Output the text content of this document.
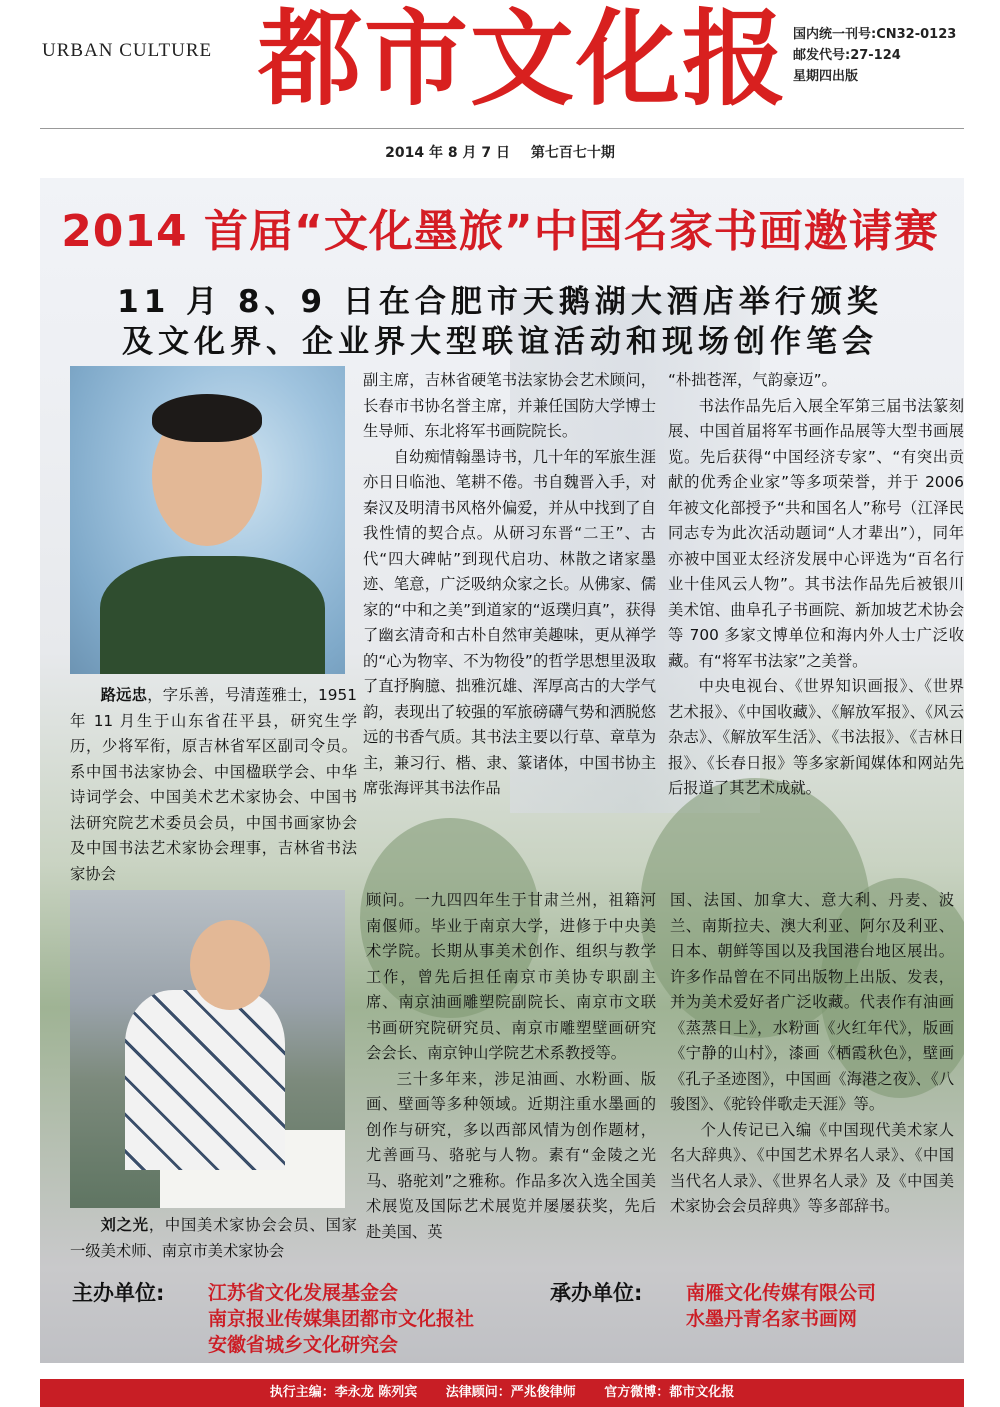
URBAN CULTURE 都市文化报 国内统一刊号:CN32-0123
邮发代号:27-124
星期四出版
2014 年 8 月 7 日 第七百七十期
2014 首届“文化墨旅”中国名家书画邀请赛
11 月 8、9 日在合肥市天鹅湖大酒店举行颁奖
及文化界、企业界大型联谊活动和现场创作笔会

路远忠，字乐善，号清莲雅士，1951 年 11 月生于山东省茌平县，研究生学历，少将军衔，原吉林省军区副司令员。系中国书法家协会、中国楹联学会、中华诗词学会、中国美术艺术家协会、中国书法研究院艺术委员会员，中国书画家协会及中国书法艺术家协会理事，吉林省书法家协会

副主席，吉林省硬笔书法家协会艺术顾问，长春市书协名誉主席，并兼任国防大学博士生导师、东北将军书画院院长。

自幼痴情翰墨诗书，几十年的军旅生涯亦日日临池、笔耕不倦。书自魏晋入手，对秦汉及明清书风格外偏爱，并从中找到了自我性情的契合点。从研习东晋“二王”、古代“四大碑帖”到现代启功、林散之诸家墨迹、笔意，广泛吸纳众家之长。从佛家、儒家的“中和之美”到道家的“返璞归真”，获得了幽玄清奇和古朴自然审美趣味，更从禅学的“心为物宰、不为物役”的哲学思想里汲取了直抒胸臆、拙雅沉雄、浑厚高古的大学气韵，表现出了较强的军旅磅礴气势和洒脱悠远的书香气质。其书法主要以行草、章草为主，兼习行、楷、隶、篆诸体，中国书协主席张海评其书法作品

“朴拙苍浑，气韵豪迈”。

书法作品先后入展全军第三届书法篆刻展、中国首届将军书画作品展等大型书画展览。先后获得“中国经济专家”、“有突出贡献的优秀企业家”等多项荣誉，并于 2006 年被文化部授予“共和国名人”称号（江泽民同志专为此次活动题词“人才辈出”），同年亦被中国亚太经济发展中心评选为“百名行业十佳风云人物”。其书法作品先后被银川美术馆、曲阜孔子书画院、新加坡艺术协会等 700 多家文博单位和海内外人士广泛收藏。有“将军书法家”之美誉。

中央电视台、《世界知识画报》、《世界艺术报》、《中国收藏》、《解放军报》、《风云杂志》、《解放军生活》、《书法报》、《吉林日报》、《长春日报》等多家新闻媒体和网站先后报道了其艺术成就。

刘之光，中国美术家协会会员、国家一级美术师、南京市美术家协会

顾问。一九四四年生于甘肃兰州，祖籍河南偃师。毕业于南京大学，进修于中央美术学院。长期从事美术创作、组织与教学工作，曾先后担任南京市美协专职副主席、南京油画雕塑院副院长、南京市文联书画研究院研究员、南京市雕塑壁画研究会会长、南京钟山学院艺术系教授等。

三十多年来，涉足油画、水粉画、版画、壁画等多种领域。近期注重水墨画的创作与研究，多以西部风情为创作题材，尤善画马、骆驼与人物。素有“金陵之光马、骆驼刘”之雅称。作品多次入选全国美术展览及国际艺术展览并屡屡获奖，先后赴美国、英

国、法国、加拿大、意大利、丹麦、波兰、南斯拉夫、澳大利亚、阿尔及利亚、日本、朝鲜等国以及我国港台地区展出。许多作品曾在不同出版物上出版、发表，并为美术爱好者广泛收藏。代表作有油画《蒸蒸日上》，水粉画《火红年代》，版画《宁静的山村》，漆画《栖霞秋色》，壁画《孔子圣迹图》，中国画《海港之夜》、《八骏图》、《驼铃伴歌走天涯》等。

个人传记已入编《中国现代美术家人名大辞典》、《中国艺术界名人录》、《中国当代名人录》、《世界名人录》及《中国美术家协会会员辞典》等多部辞书。

主办单位: 江苏省文化发展基金会
南京报业传媒集团都市文化报社
安徽省城乡文化研究会
承办单位: 南雁文化传媒有限公司
水墨丹青名家书画网
执行主编：李永龙 陈列宾 法律顾问：严兆俊律师 官方微博：都市文化报
